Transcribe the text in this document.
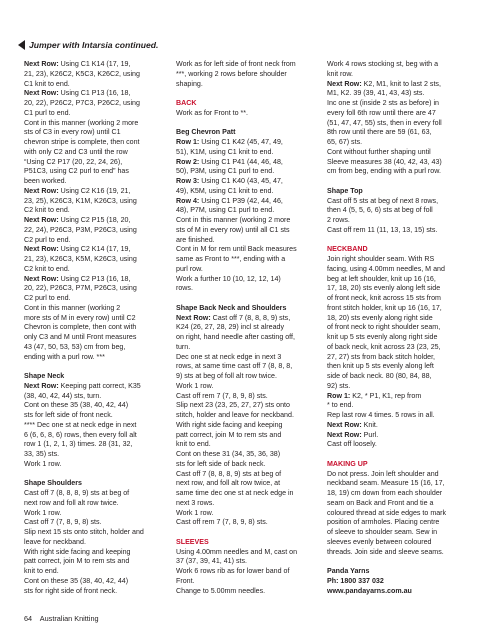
Jumper with Intarsia continued.

Next Row: Using C1 K14 (17, 19,

21, 23), K26C2, K5C3, K26C2, using

C1 knit to end.

Next Row: Using C1 P13 (16, 18,

20, 22), P26C2, P7C3, P26C2, using

C1 purl to end.

Cont in this manner (working 2 more

sts of C3 in every row) until C1

chevron stripe is complete, then cont

with only C2 and C3 until the row

“Using C2 P17 (20, 22, 24, 26),

P51C3, using C2 purl to end” has

been worked.

Next Row: Using C2 K16 (19, 21,

23, 25), K26C3, K1M, K26C3, using

C2 knit to end.

Next Row: Using C2 P15 (18, 20,

22, 24), P26C3, P3M, P26C3, using

C2 purl to end.

Next Row: Using C2 K14 (17, 19,

21, 23), K26C3, K5M, K26C3, using

C2 knit to end.

Next Row: Using C2 P13 (16, 18,

20, 22), P26C3, P7M, P26C3, using

C2 purl to end.

Cont in this manner (working 2

more sts of M in every row) until C2

Chevron is complete, then cont with

only C3 and M until Front measures

43 (47, 50, 53, 53) cm from beg,

ending with a purl row. ***

Shape Neck

Next Row: Keeping patt correct, K35

(38, 40, 42, 44) sts, turn.

Cont on these 35 (38, 40, 42, 44)

sts for left side of front neck.

**** Dec one st at neck edge in next

6 (6, 6, 8, 6) rows, then every foll alt

row 1 (1, 2, 1, 3) times. 28 (31, 32,

33, 35) sts.

Work 1 row.

Shape Shoulders

Cast off 7 (8, 8, 8, 9) sts at beg of

next row and foll alt row twice.

Work 1 row.

Cast off 7 (7, 8, 9, 8) sts.

Slip next 15 sts onto stitch, holder and

leave for neckband.

With right side facing and keeping

patt correct, join M to rem sts and

knit to end.

Cont on these 35 (38, 40, 42, 44)

sts for right side of front neck.

Work as for left side of front neck from

***, working 2 rows before shoulder

shaping.

BACK

Work as for Front to **.

Beg Chevron Patt

Row 1: Using C1 K42 (45, 47, 49,

51), K1M, using C1 knit to end.

Row 2: Using C1 P41 (44, 46, 48,

50), P3M, using C1 purl to end.

Row 3: Using C1 K40 (43, 45, 47,

49), K5M, using C1 knit to end.

Row 4: Using C1 P39 (42, 44, 46,

48), P7M, using C1 purl to end.

Cont in this manner (working 2 more

sts of M in every row) until all C1 sts

are finished.

Cont in M for rem until Back measures

same as Front to ***, ending with a

purl row.

Work a further 10 (10, 12, 12, 14)

rows.

Shape Back Neck and Shoulders

Next Row: Cast off 7 (8, 8, 8, 9) sts,

K24 (26, 27, 28, 29) incl st already

on right, hand needle after casting off,

turn.

Dec one st at neck edge in next 3

rows, at same time cast off 7 (8, 8, 8,

9) sts at beg of foll alt row twice.

Work 1 row.

Cast off rem 7 (7, 8, 9, 8) sts.

Slip next 23 (23, 25, 27, 27) sts onto

stitch, holder and leave for neckband.

With right side facing and keeping

patt correct, join M to rem sts and

knit to end.

Cont on these 31 (34, 35, 36, 38)

sts for left side of back neck.

Cast off 7 (8, 8, 8, 9) sts at beg of

next row, and foll alt row twice, at

same time dec one st at neck edge in

next 3 rows.

Work 1 row.

Cast off rem 7 (7, 8, 9, 8) sts.

SLEEVES

Using 4.00mm needles and M, cast on

37 (37, 39, 41, 41) sts.

Work 6 rows rib as for lower band of

Front.

Change to 5.00mm needles.

Work 4 rows stocking st, beg with a

knit row.

Next Row: K2, M1, knit to last 2 sts,

M1, K2. 39 (39, 41, 43, 43) sts.

Inc one st (inside 2 sts as before) in

every foll 6th row until there are 47

(51, 47, 47, 55) sts, then in every foll

8th row until there are 59 (61, 63,

65, 67) sts.

Cont without further shaping until

Sleeve measures 38 (40, 42, 43, 43)

cm from beg, ending with a purl row.

Shape Top

Cast off 5 sts at beg of next 8 rows,

then 4 (5, 5, 6, 6) sts at beg of foll

2 rows.

Cast off rem 11 (11, 13, 13, 15) sts.

NECKBAND

Join right shoulder seam. With RS

facing, using 4.00mm needles, M and

beg at left shoulder, knit up 16 (16,

17, 18, 20) sts evenly along left side

of front neck, knit across 15 sts from

front stitch holder, knit up 16 (16, 17,

18, 20) sts evenly along right side

of front neck to right shoulder seam,

knit up 5 sts evenly along right side

of back neck, knit across 23 (23, 25,

27, 27) sts from back stitch holder,

then knit up 5 sts evenly along left

side of back neck. 80 (80, 84, 88,

92) sts.

Row 1: K2, * P1, K1, rep from

* to end.

Rep last row 4 times. 5 rows in all.

Next Row: Knit.

Next Row: Purl.

Cast off loosely.

MAKING UP

Do not press. Join left shoulder and

neckband seam. Measure 15 (16, 17,

18, 19) cm down from each shoulder

seam on Back and Front and tie a

coloured thread at side edges to mark

position of armholes. Placing centre

of sleeve to shoulder seam. Sew in

sleeves evenly between coloured

threads. Join side and sleeve seams.

Panda Yarns

Ph: 1800 337 032

www.pandayarns.com.au

64 Australian Knitting
